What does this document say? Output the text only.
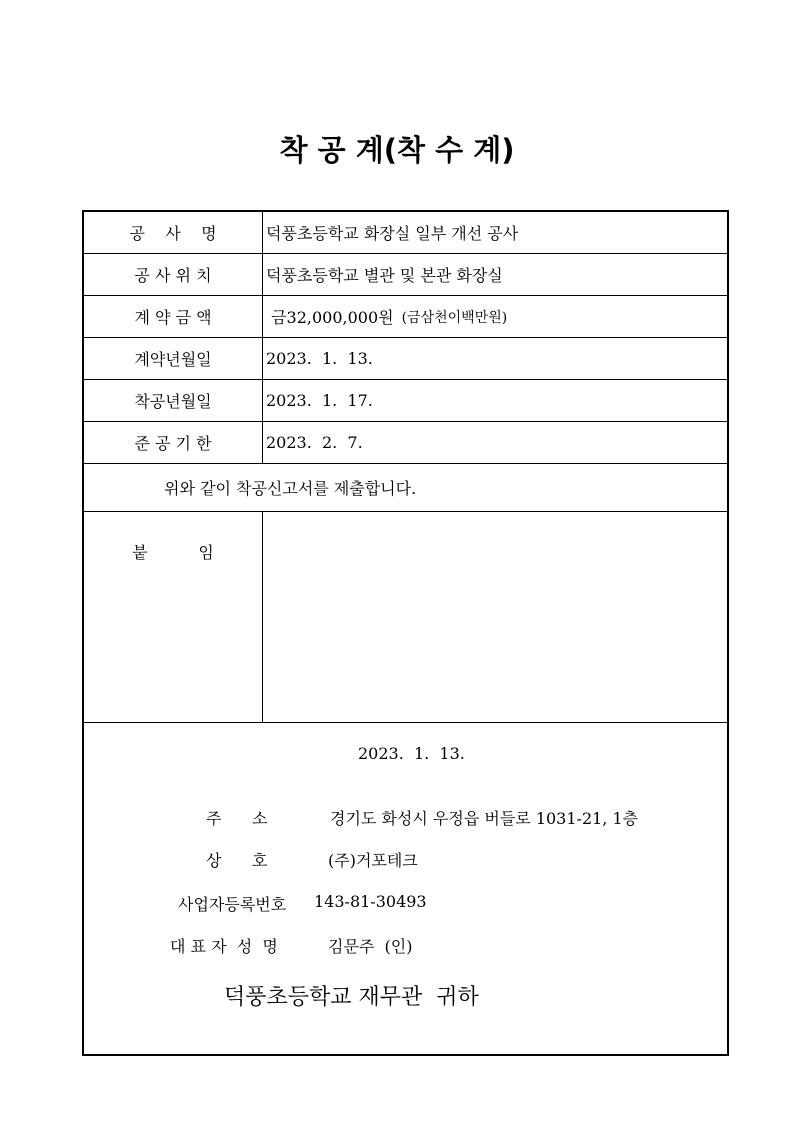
착 공 계(착 수 계)
공    사    명	덕풍초등학교 화장실 일부 개선 공사
공 사 위 치	덕풍초등학교 별관 및 본관 화장실
계 약 금 액	금32,000,000원 (금삼천이백만원)
계약년월일	2023.  1.  13.
착공년월일	2023.  1.  17.
준 공 기 한	2023.  2.  7.
위와 같이 착공신고서를 제출합니다.
붙          임
2023.  1.  13.
주      소	경기도 화성시 우정읍 버들로 1031-21, 1층
상      호	(주)거포테크
사업자등록번호 143-81-30493
대 표 자  성  명	김문주  (인)
덕풍초등학교 재무관  귀하
